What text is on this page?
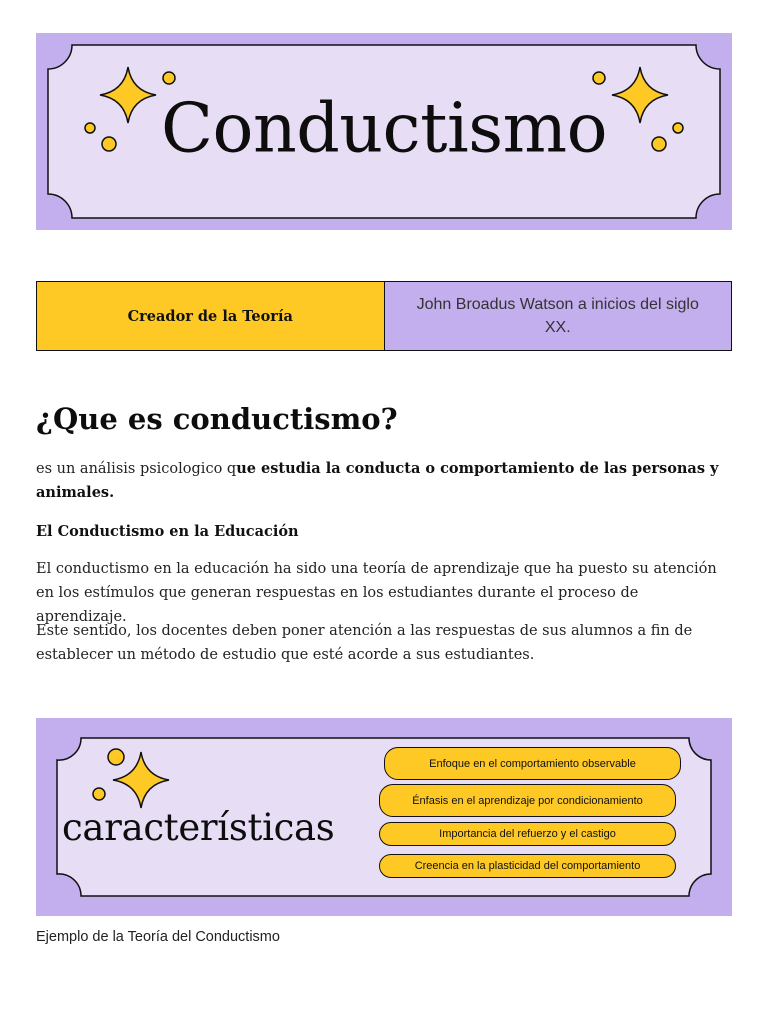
Conductismo
Creador de la Teoría
John Broadus Watson a inicios del siglo XX.
¿Que es conductismo?

es un análisis psicologico que estudia la conducta o comportamiento de las personas y animales.

El Conductismo en la Educación

El conductismo en la educación ha sido una teoría de aprendizaje que ha puesto su atención en los estímulos que generan respuestas en los estudiantes durante el proceso de aprendizaje.

Este sentido, los docentes deben poner atención a las respuestas de sus alumnos a fin de establecer un método de estudio que esté acorde a sus estudiantes.

características
Enfoque en el comportamiento observable
Énfasis en el aprendizaje por condicionamiento
Importancia del refuerzo y el castigo
Creencia en la plasticidad del comportamiento

Ejemplo de la Teoría del Conductismo
